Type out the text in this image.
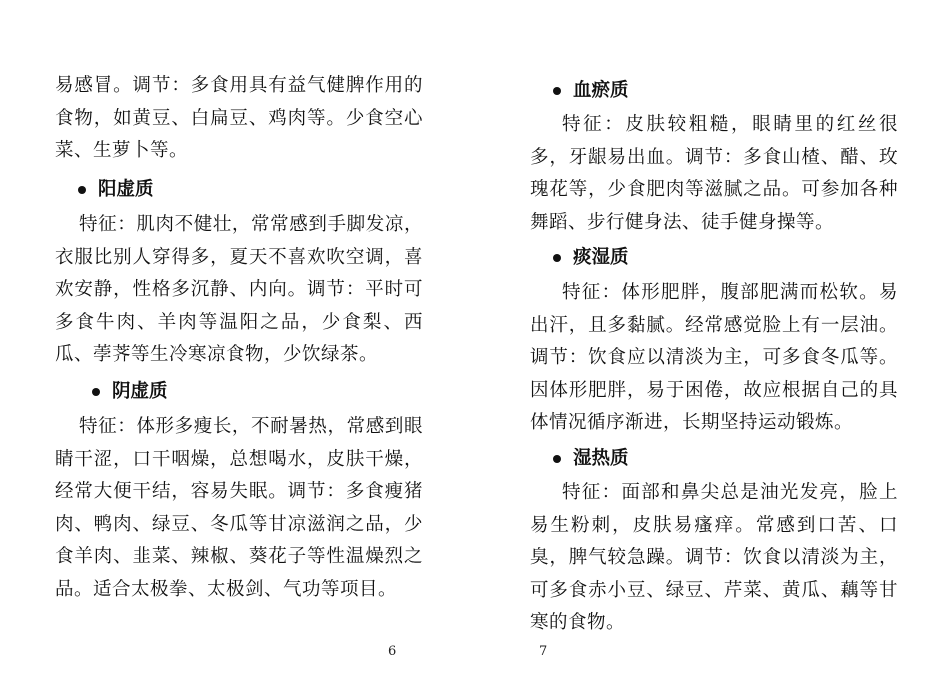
易感冒。调节：多食用具有益气健脾作用的食物，如黄豆、白扁豆、鸡肉等。少食空心菜、生萝卜等。

阳虚质

特征：肌肉不健壮，常常感到手脚发凉，衣服比别人穿得多，夏天不喜欢吹空调，喜欢安静，性格多沉静、内向。调节：平时可多食牛肉、羊肉等温阳之品，少食梨、西瓜、荸荠等生冷寒凉食物，少饮绿茶。

阴虚质

特征：体形多瘦长，不耐暑热，常感到眼睛干涩，口干咽燥，总想喝水，皮肤干燥，经常大便干结，容易失眠。调节：多食瘦猪肉、鸭肉、绿豆、冬瓜等甘凉滋润之品，少食羊肉、韭菜、辣椒、葵花子等性温燥烈之品。适合太极拳、太极剑、气功等项目。

6
血瘀质

特征：皮肤较粗糙，眼睛里的红丝很多，牙龈易出血。调节：多食山楂、醋、玫瑰花等，少食肥肉等滋腻之品。可参加各种舞蹈、步行健身法、徒手健身操等。

痰湿质

特征：体形肥胖，腹部肥满而松软。易出汗，且多黏腻。经常感觉脸上有一层油。调节：饮食应以清淡为主，可多食冬瓜等。因体形肥胖，易于困倦，故应根据自己的具体情况循序渐进，长期坚持运动锻炼。

湿热质

特征：面部和鼻尖总是油光发亮，脸上易生粉刺，皮肤易瘙痒。常感到口苦、口臭，脾气较急躁。调节：饮食以清淡为主，可多食赤小豆、绿豆、芹菜、黄瓜、藕等甘寒的食物。

7
